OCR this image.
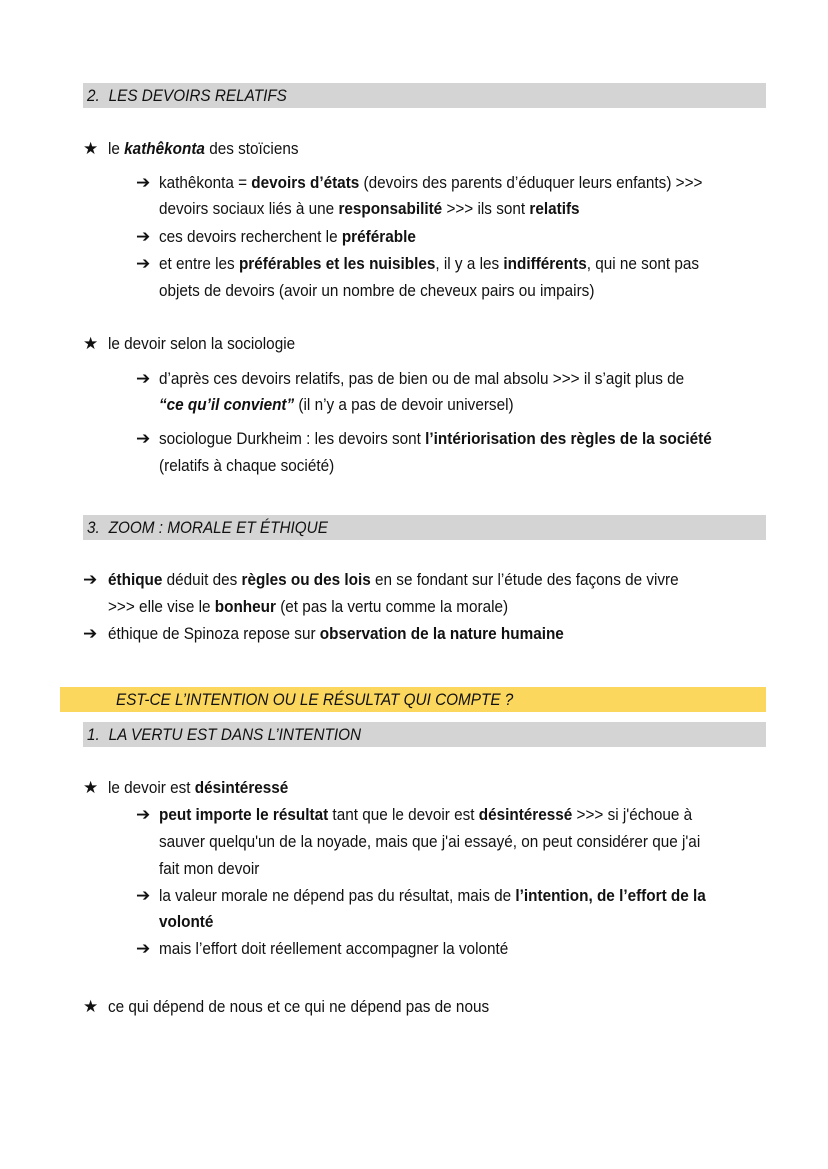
2. LES DEVOIRS RELATIFS
★ le kathêkonta des stoïciens
➔ kathêkonta = devoirs d’états (devoirs des parents d’éduquer leurs enfants) >>>
devoirs sociaux liés à une responsabilité >>> ils sont relatifs
➔ ces devoirs recherchent le préférable
➔ et entre les préférables et les nuisibles, il y a les indifférents, qui ne sont pas
objets de devoirs (avoir un nombre de cheveux pairs ou impairs)
★ le devoir selon la sociologie
➔ d’après ces devoirs relatifs, pas de bien ou de mal absolu >>> il s’agit plus de
“ce qu’il convient” (il n’y a pas de devoir universel)
➔ sociologue Durkheim : les devoirs sont l’intériorisation des règles de la société
(relatifs à chaque société)
3. ZOOM : MORALE ET ÉTHIQUE
➔ éthique déduit des règles ou des lois en se fondant sur l’étude des façons de vivre
>>> elle vise le bonheur (et pas la vertu comme la morale)
➔ éthique de Spinoza repose sur observation de la nature humaine
EST-CE L’INTENTION OU LE RÉSULTAT QUI COMPTE ?
1. LA VERTU EST DANS L’INTENTION
★ le devoir est désintéressé
➔ peut importe le résultat tant que le devoir est désintéressé >>> si j'échoue à
sauver quelqu'un de la noyade, mais que j'ai essayé, on peut considérer que j'ai
fait mon devoir
➔ la valeur morale ne dépend pas du résultat, mais de l’intention, de l’effort de la
volonté
➔ mais l’effort doit réellement accompagner la volonté
★ ce qui dépend de nous et ce qui ne dépend pas de nous
